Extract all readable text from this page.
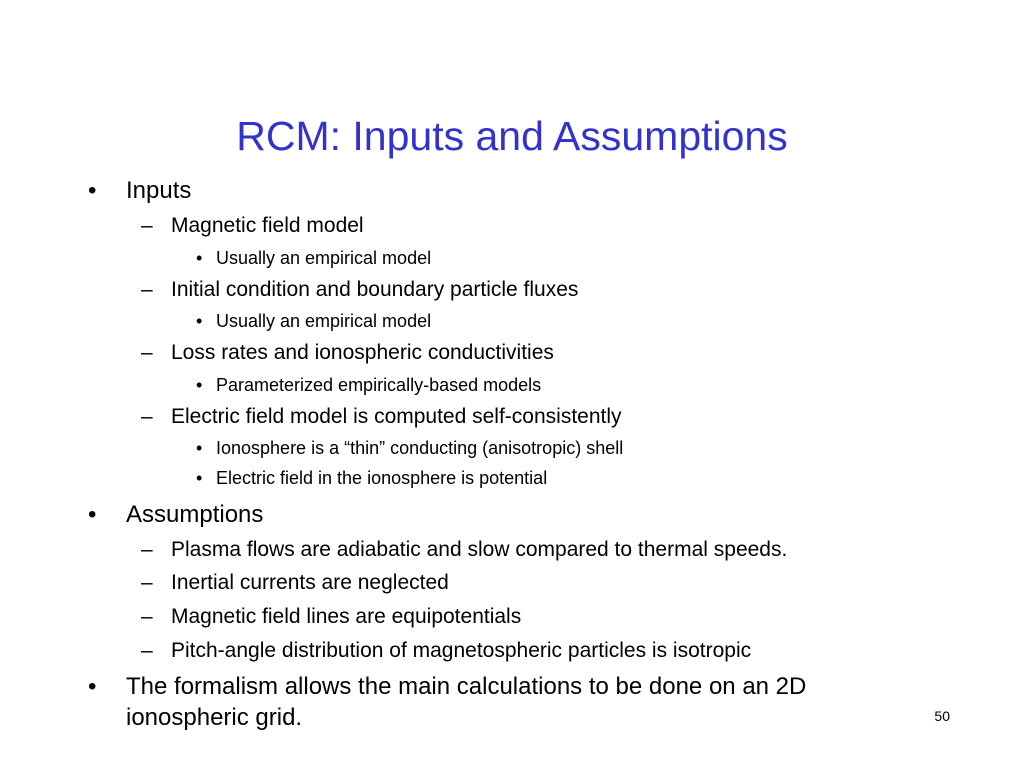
RCM: Inputs and Assumptions
• Inputs
– Magnetic field model
• Usually an empirical model
– Initial condition and boundary particle fluxes
• Usually an empirical model
– Loss rates and ionospheric conductivities
• Parameterized empirically-based models
– Electric field model is computed self-consistently
• Ionosphere is a “thin” conducting (anisotropic) shell
• Electric field in the ionosphere is potential
• Assumptions
– Plasma flows are adiabatic and slow compared to thermal speeds.
– Inertial currents are neglected
– Magnetic field lines are equipotentials
– Pitch-angle distribution of magnetospheric particles is isotropic
• The formalism allows the main calculations to be done on an 2D
ionospheric grid.	50
